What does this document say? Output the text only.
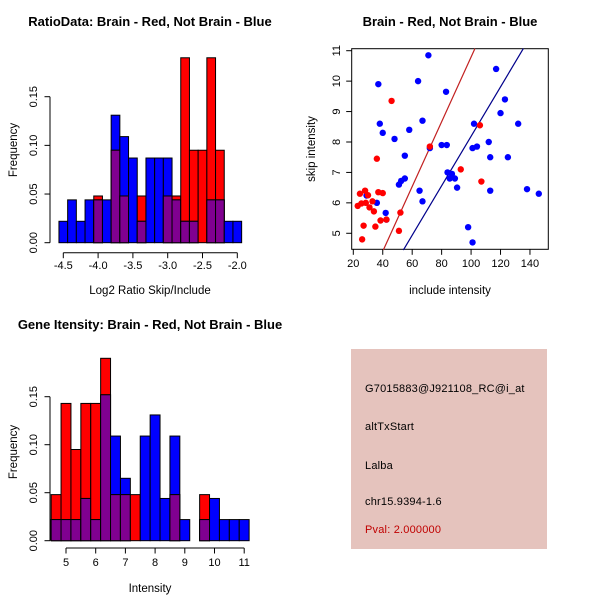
RatioData: Brain - Red, Not Brain - Blue
0.00
0.05
0.10
0.15
Frequency
-4.5 -4.0 -3.5 -3.0 -2.5 -2.0
Log2 Ratio Skip/Include
Brain - Red, Not Brain - Blue
20 40 60 80 100 120 140
include intensity
5
6
7
8
9
10
11
skip intensity
Gene Itensity: Brain - Red, Not Brain - Blue
0.00
0.05
0.10
0.15
Frequency
5 6 7 8 9 10 11
Intensity
G7015883@J921108_RC@i_at
altTxStart
Lalba
chr15.9394-1.6
Pval: 2.000000
